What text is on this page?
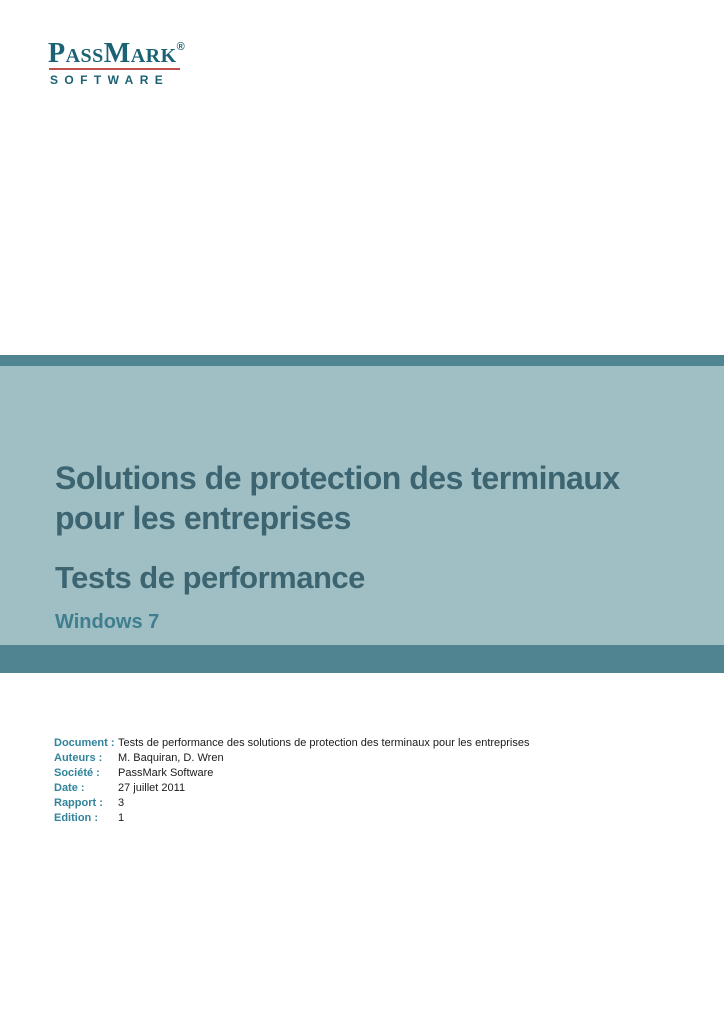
PassMark®
SOFTWARE
Solutions de protection des terminaux
pour les entreprises
Tests de performance
Windows 7
Document : Tests de performance des solutions de protection des terminaux pour les entreprises
Auteurs :	M. Baquiran, D. Wren
Société :	PassMark Software
Date :	27 juillet 2011
Rapport :	3
Edition :	1
